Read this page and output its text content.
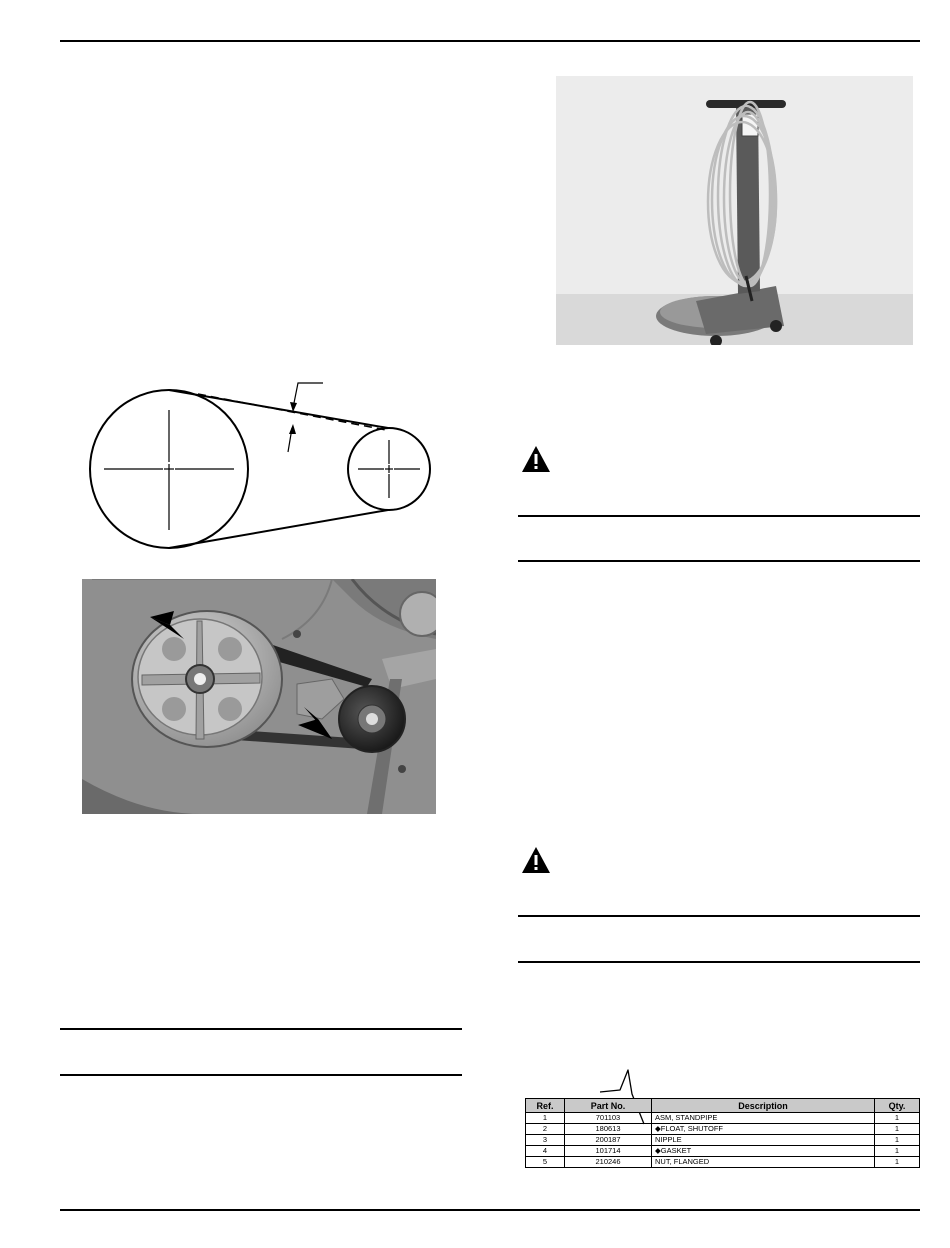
Ref.	Part No.	Description	Qty.
1	701103	ASM, STANDPIPE	1
2	180613	◆FLOAT, SHUTOFF	1
3	200187	NIPPLE	1
4	101714	◆GASKET	1
5	210246	NUT, FLANGED	1
